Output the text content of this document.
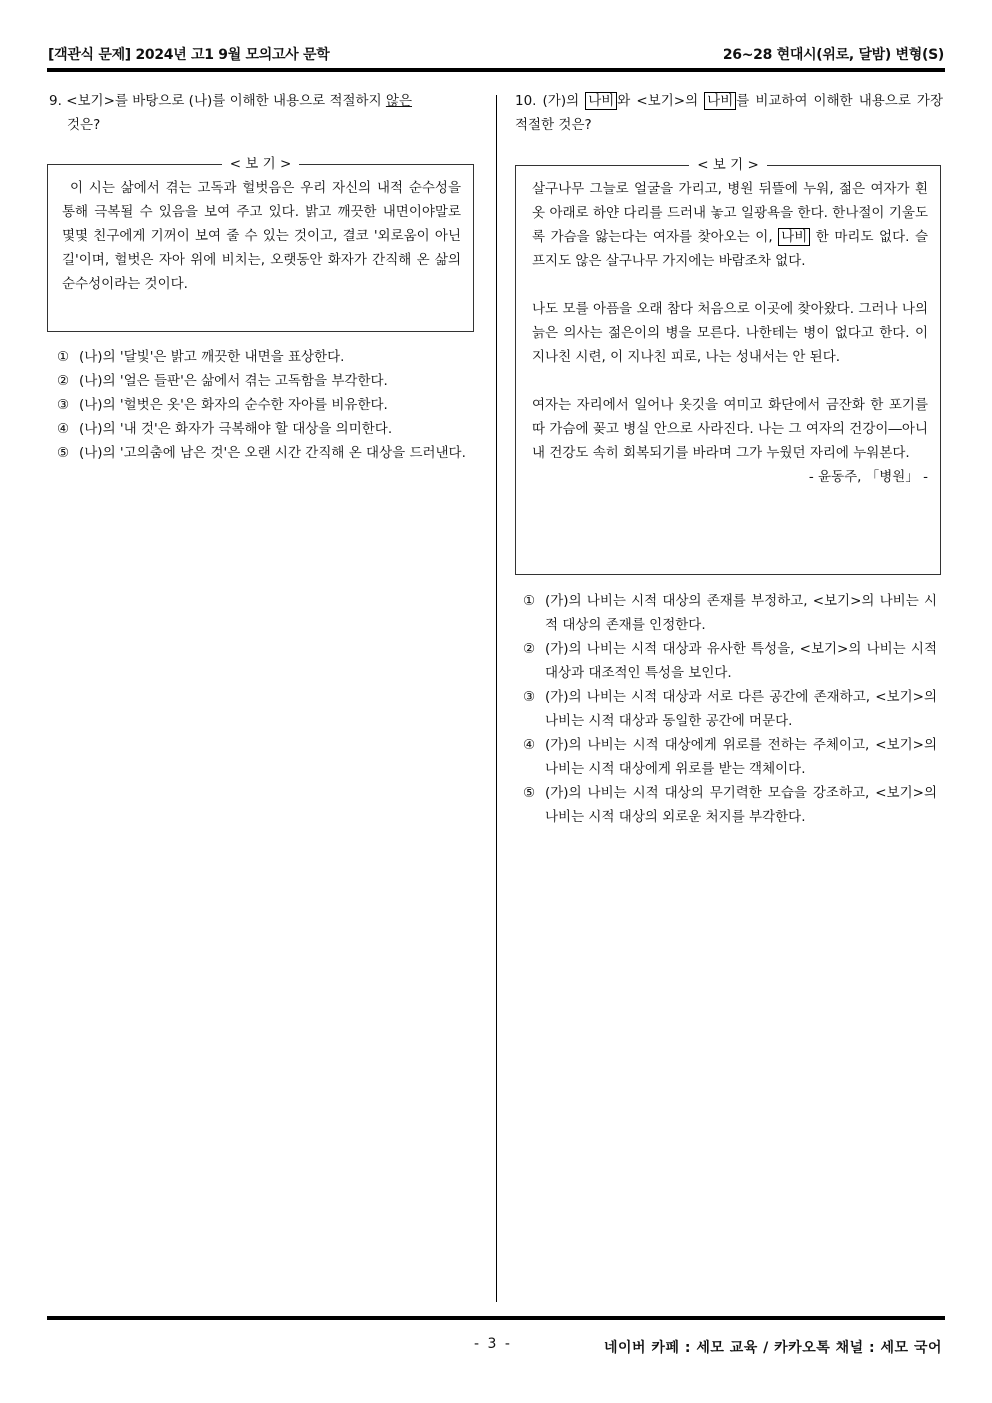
[객관식 문제] 2024년 고1 9월 모의고사 문학	26~28 현대시(위로, 달밤) 변형(S)
9. <보기>를 바탕으로 (나)를 이해한 내용으로 적절하지 않은
것은?
< 보 기 >

이 시는 삶에서 겪는 고독과 헐벗음은 우리 자신의 내적 순수성을 통해 극복될 수 있음을 보여 주고 있다. 밝고 깨끗한 내면이야말로 몇몇 친구에게 기꺼이 보여 줄 수 있는 것이고, 결코 '외로움이 아닌 길'이며, 헐벗은 자아 위에 비치는, 오랫동안 화자가 간직해 온 삶의 순수성이라는 것이다.

① (나)의 '달빛'은 밝고 깨끗한 내면을 표상한다.
② (나)의 '얼은 들판'은 삶에서 겪는 고독함을 부각한다.
③ (나)의 '헐벗은 옷'은 화자의 순수한 자아를 비유한다.
④ (나)의 '내 것'은 화자가 극복해야 할 대상을 의미한다.
⑤ (나)의 '고의춤에 남은 것'은 오랜 시간 간직해 온 대상을 드러낸다.
10. (가)의 나비 와 <보기>의 나비 를 비교하여 이해한 내용으로 가장 적절한 것은?
< 보 기 >

살구나무 그늘로 얼굴을 가리고, 병원 뒤뜰에 누워, 젊은 여자가 흰 옷 아래로 하얀 다리를 드러내 놓고 일광욕을 한다. 한나절이 기울도록 가슴을 앓는다는 여자를 찾아오는 이, 나비 한 마리도 없다. 슬프지도 않은 살구나무 가지에는 바람조차 없다.

나도 모를 아픔을 오래 참다 처음으로 이곳에 찾아왔다. 그러나 나의 늙은 의사는 젊은이의 병을 모른다. 나한테는 병이 없다고 한다. 이 지나친 시련, 이 지나친 피로, 나는 성내서는 안 된다.

여자는 자리에서 일어나 옷깃을 여미고 화단에서 금잔화 한 포기를 따 가슴에 꽂고 병실 안으로 사라진다. 나는 그 여자의 건강이―아니 내 건강도 속히 회복되기를 바라며 그가 누웠던 자리에 누워본다.

- 윤동주, 「병원」 -

① (가)의 나비는 시적 대상의 존재를 부정하고, <보기>의 나비는 시적 대상의 존재를 인정한다.
② (가)의 나비는 시적 대상과 유사한 특성을, <보기>의 나비는 시적 대상과 대조적인 특성을 보인다.
③ (가)의 나비는 시적 대상과 서로 다른 공간에 존재하고, <보기>의 나비는 시적 대상과 동일한 공간에 머문다.
④ (가)의 나비는 시적 대상에게 위로를 전하는 주체이고, <보기>의 나비는 시적 대상에게 위로를 받는 객체이다.
⑤ (가)의 나비는 시적 대상의 무기력한 모습을 강조하고, <보기>의 나비는 시적 대상의 외로운 처지를 부각한다.
- 3 -	네이버 카페 : 세모 교육 / 카카오톡 채널 : 세모 국어
